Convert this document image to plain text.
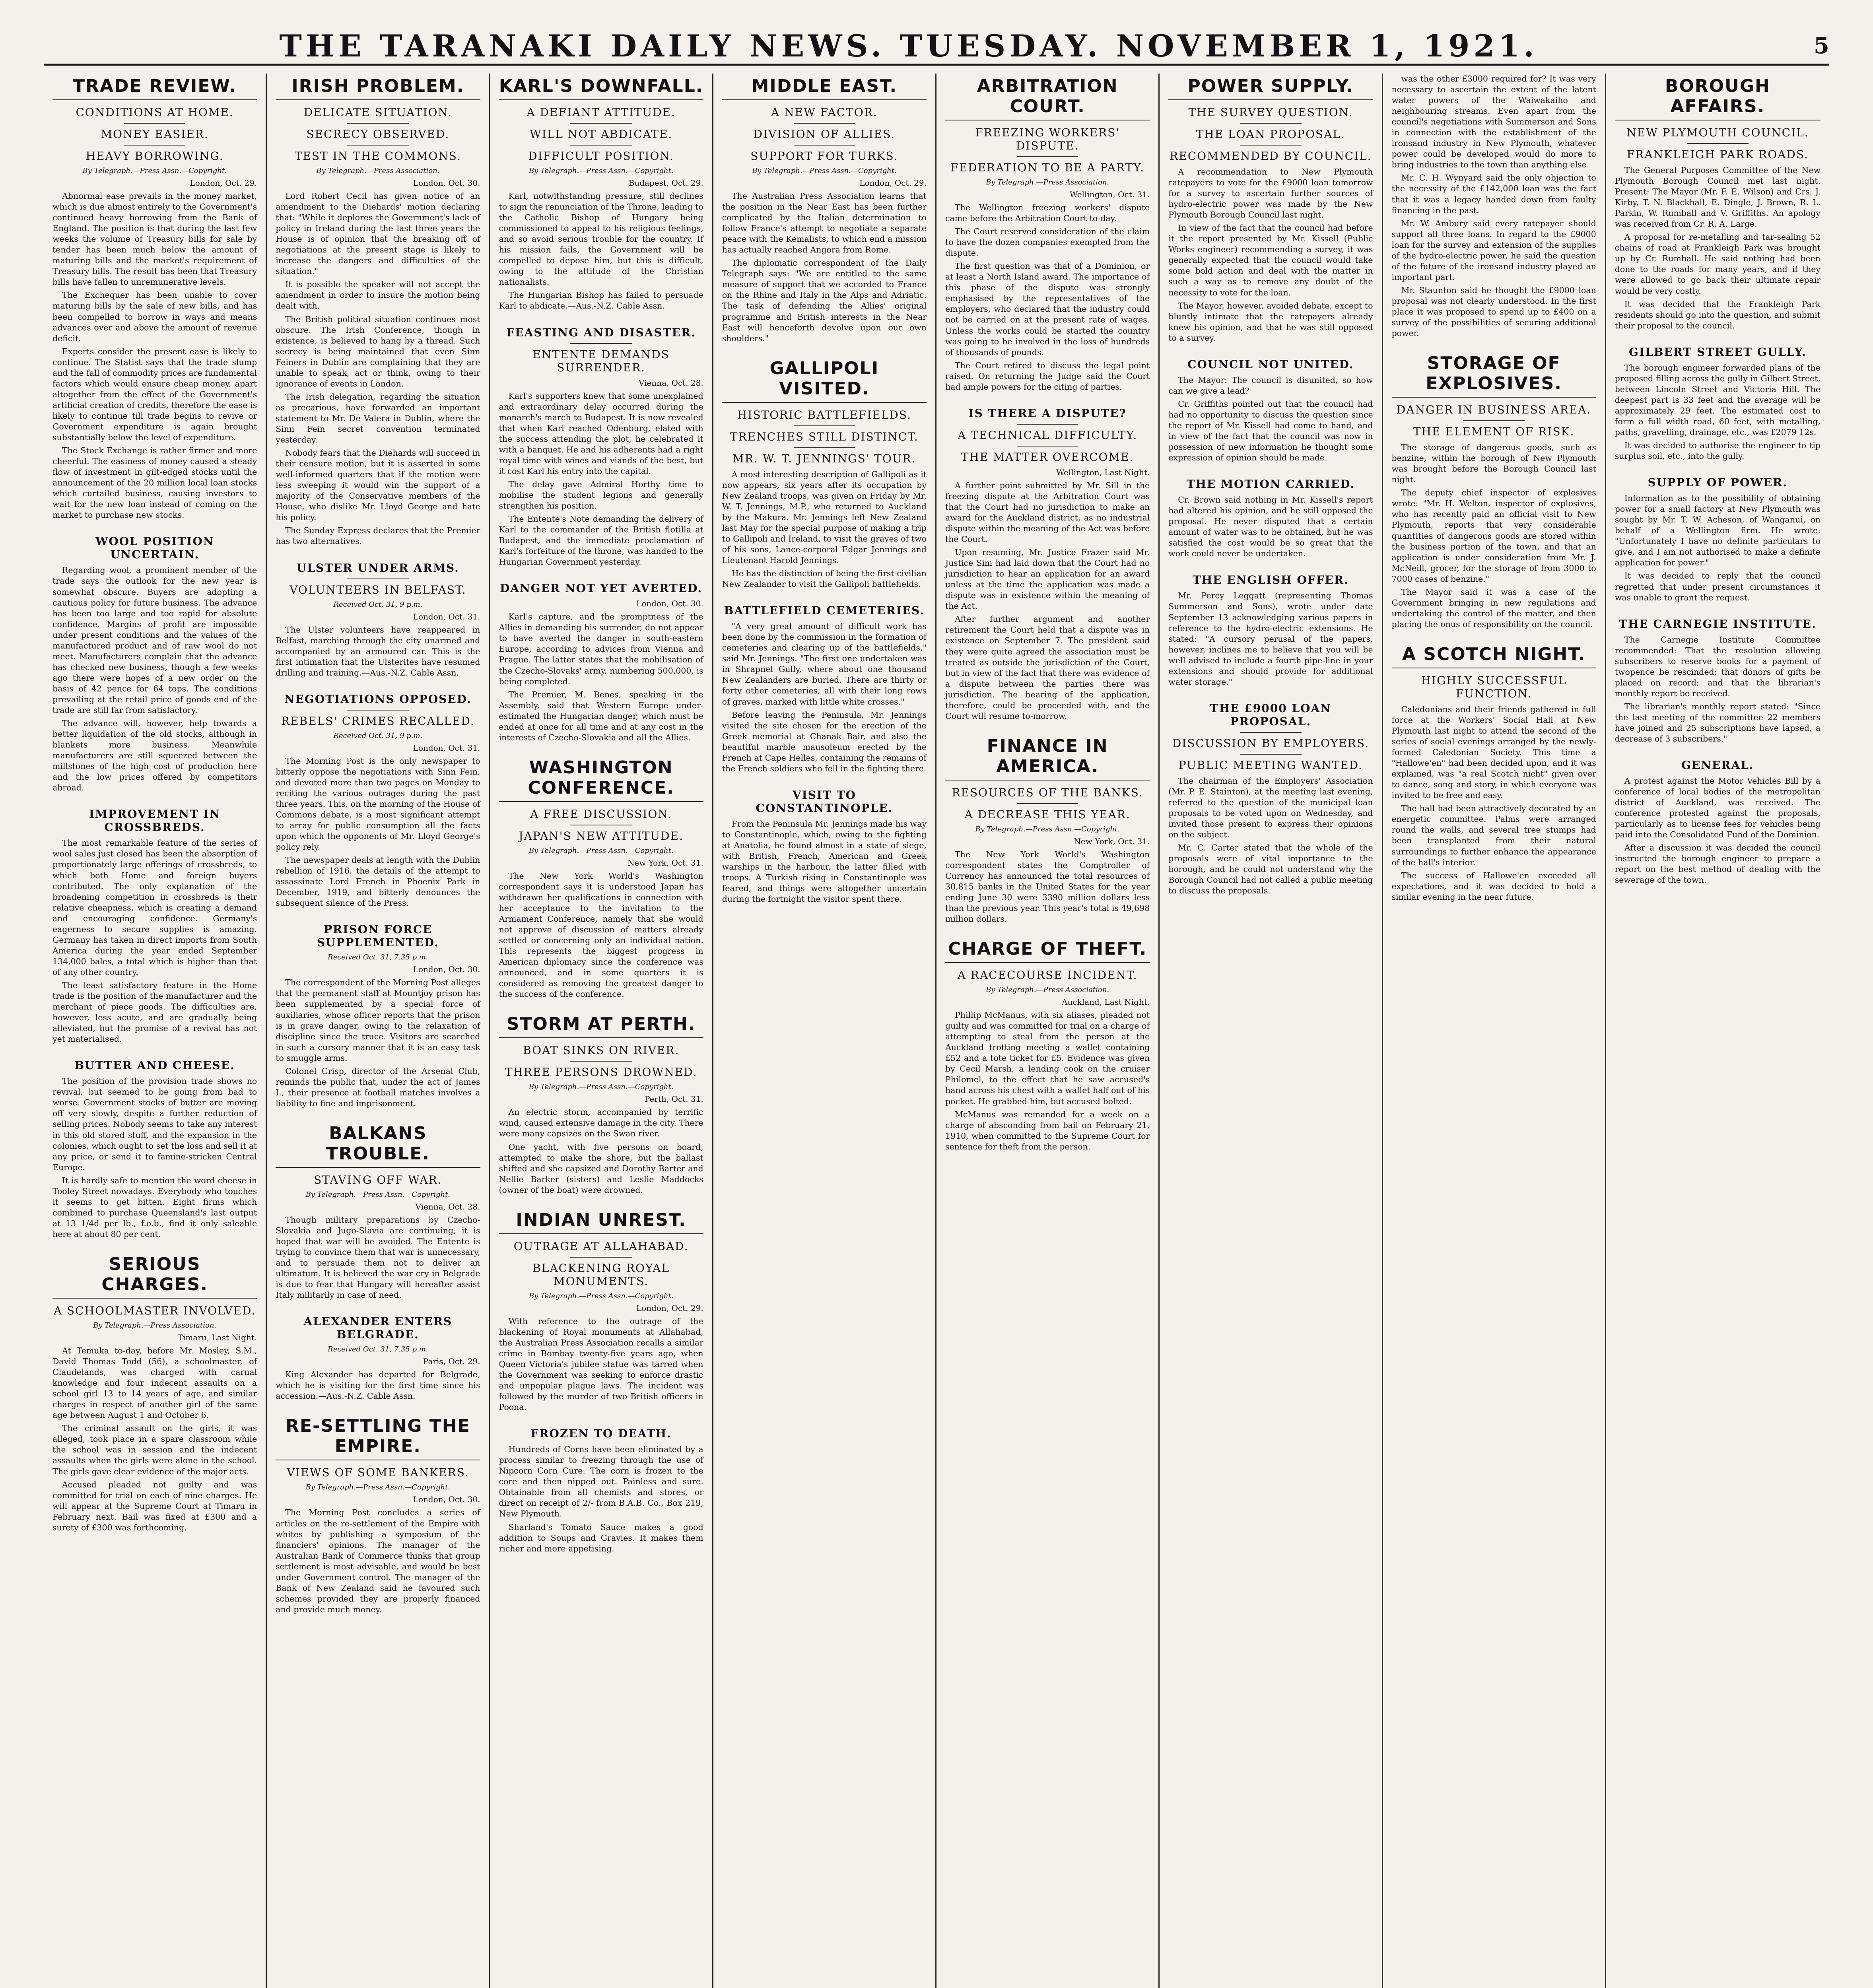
THE TARANAKI DAILY NEWS. TUESDAY. NOVEMBER 1, 1921.	5
TRADE REVIEW.
CONDITIONS AT HOME.
MONEY EASIER.
HEAVY BORROWING.
By Telegraph.—Press Assn.—Copyright.
London, Oct. 29.

Abnormal ease prevails in the money market, which is due almost entirely to the Government's continued heavy borrowing from the Bank of England. The position is that during the last few weeks the volume of Treasury bills for sale by tender has been much below the amount of maturing bills and the market's requirement of Treasury bills. The result has been that Treasury bills have fallen to unremunerative levels.

The Exchequer has been unable to cover maturing bills by the sale of new bills, and has been compelled to borrow in ways and means advances over and above the amount of revenue deficit.

Experts consider the present ease is likely to continue. The Statist says that the trade slump and the fall of commodity prices are fundamental factors which would ensure cheap money, apart altogether from the effect of the Government's artificial creation of credits, therefore the ease is likely to continue till trade begins to revive or Government expenditure is again brought substantially below the level of expenditure.

The Stock Exchange is rather firmer and more cheerful. The easiness of money caused a steady flow of investment in gilt-edged stocks until the announcement of the 20 million local loan stocks which curtailed business, causing investors to wait for the new loan instead of coming on the market to purchase new stocks.

WOOL POSITION UNCERTAIN.

Regarding wool, a prominent member of the trade says the outlook for the new year is somewhat obscure. Buyers are adopting a cautious policy for future business. The advance has been too large and too rapid for absolute confidence. Margins of profit are impossible under present conditions and the values of the manufactured product and of raw wool do not meet. Manufacturers complain that the advance has checked new business, though a few weeks ago there were hopes of a new order on the basis of 42 pence for 64 tops. The conditions prevailing at the retail price of goods end of the trade are still far from satisfactory.

The advance will, however, help towards a better liquidation of the old stocks, although in blankets more business. Meanwhile manufacturers are still squeezed between the millstones of the high cost of production here and the low prices offered by competitors abroad.

IMPROVEMENT IN CROSSBREDS.

The most remarkable feature of the series of wool sales just closed has been the absorption of proportionately large offerings of crossbreds, to which both Home and foreign buyers contributed. The only explanation of the broadening competition in crossbreds is their relative cheapness, which is creating a demand and encouraging confidence. Germany's eagerness to secure supplies is amazing. Germany has taken in direct imports from South America during the year ended September 134,000 bales, a total which is higher than that of any other country.

The least satisfactory feature in the Home trade is the position of the manufacturer and the merchant of piece goods. The difficulties are, however, less acute, and are gradually being alleviated, but the promise of a revival has not yet materialised.

BUTTER AND CHEESE.

The position of the provision trade shows no revival, but seemed to be going from bad to worse. Government stocks of butter are moving off very slowly, despite a further reduction of selling prices. Nobody seems to take any interest in this old stored stuff, and the expansion in the colonies, which ought to set the loss and sell it at any price, or send it to famine-stricken Central Europe.

It is hardly safe to mention the word cheese in Tooley Street nowadays. Everybody who touches it seems to get bitten. Eight firms which combined to purchase Queensland's last output at 13 1/4d per lb., f.o.b., find it only saleable here at about 80 per cent.

SERIOUS CHARGES.
A SCHOOLMASTER INVOLVED.
By Telegraph.—Press Association.
Timaru, Last Night.

At Temuka to-day, before Mr. Mosley, S.M., David Thomas Todd (56), a schoolmaster, of Claudelands, was charged with carnal knowledge and four indecent assaults on a school girl 13 to 14 years of age, and similar charges in respect of another girl of the same age between August 1 and October 6.

The criminal assault on the girls, it was alleged, took place in a spare classroom while the school was in session and the indecent assaults when the girls were alone in the school. The girls gave clear evidence of the major acts.

Accused pleaded not guilty and was committed for trial on each of nine charges. He will appear at the Supreme Court at Timaru in February next. Bail was fixed at £300 and a surety of £300 was forthcoming.

IRISH PROBLEM.
DELICATE SITUATION.
SECRECY OBSERVED.
TEST IN THE COMMONS.
By Telegraph.—Press Association.
London, Oct. 30.

Lord Robert Cecil has given notice of an amendment to the Diehards' motion declaring that: "While it deplores the Government's lack of policy in Ireland during the last three years the House is of opinion that the breaking off of negotiations at the present stage is likely to increase the dangers and difficulties of the situation."

It is possible the speaker will not accept the amendment in order to insure the motion being dealt with.

The British political situation continues most obscure. The Irish Conference, though in existence, is believed to hang by a thread. Such secrecy is being maintained that even Sinn Feiners in Dublin are complaining that they are unable to speak, act or think, owing to their ignorance of events in London.

The Irish delegation, regarding the situation as precarious, have forwarded an important statement to Mr. De Valera in Dublin, where the Sinn Fein secret convention terminated yesterday.

Nobody fears that the Diehards will succeed in their censure motion, but it is asserted in some well-informed quarters that if the motion were less sweeping it would win the support of a majority of the Conservative members of the House, who dislike Mr. Lloyd George and hate his policy.

The Sunday Express declares that the Premier has two alternatives.

ULSTER UNDER ARMS.
VOLUNTEERS IN BELFAST.
Received Oct. 31, 9 p.m.
London, Oct. 31.

The Ulster volunteers have reappeared in Belfast, marching through the city unarmed and accompanied by an armoured car. This is the first intimation that the Ulsterites have resumed drilling and training.—Aus.-N.Z. Cable Assn.

NEGOTIATIONS OPPOSED.
REBELS' CRIMES RECALLED.
Received Oct. 31, 9 p.m.
London, Oct. 31.

The Morning Post is the only newspaper to bitterly oppose the negotiations with Sinn Fein, and devoted more than two pages on Monday to reciting the various outrages during the past three years. This, on the morning of the House of Commons debate, is a most significant attempt to array for public consumption all the facts upon which the opponents of Mr. Lloyd George's policy rely.

The newspaper deals at length with the Dublin rebellion of 1916, the details of the attempt to assassinate Lord French in Phoenix Park in December, 1919, and bitterly denounces the subsequent silence of the Press.

PRISON FORCE SUPPLEMENTED.
Received Oct. 31, 7.35 p.m.
London, Oct. 30.

The correspondent of the Morning Post alleges that the permanent staff at Mountjoy prison has been supplemented by a special force of auxiliaries, whose officer reports that the prison is in grave danger, owing to the relaxation of discipline since the truce. Visitors are searched in such a cursory manner that it is an easy task to smuggle arms.

Colonel Crisp, director of the Arsenal Club, reminds the public that, under the act of James I., their presence at football matches involves a liability to fine and imprisonment.

BALKANS TROUBLE.
STAVING OFF WAR.
By Telegraph.—Press Assn.—Copyright.
Vienna, Oct. 28.

Though military preparations by Czecho-Slovakia and Jugo-Slavia are continuing, it is hoped that war will be avoided. The Entente is trying to convince them that war is unnecessary, and to persuade them not to deliver an ultimatum. It is believed the war cry in Belgrade is due to fear that Hungary will hereafter assist Italy militarily in case of need.

ALEXANDER ENTERS BELGRADE.
Received Oct. 31, 7.35 p.m.
Paris, Oct. 29.

King Alexander has departed for Belgrade, which he is visiting for the first time since his accession.—Aus.-N.Z. Cable Assn.

RE-SETTLING THE EMPIRE.
VIEWS OF SOME BANKERS.
By Telegraph.—Press Assn.—Copyright.
London, Oct. 30.

The Morning Post concludes a series of articles on the re-settlement of the Empire with whites by publishing a symposium of the financiers' opinions. The manager of the Australian Bank of Commerce thinks that group settlement is most advisable, and would be best under Government control. The manager of the Bank of New Zealand said he favoured such schemes provided they are properly financed and provide much money.

KARL'S DOWNFALL.
A DEFIANT ATTITUDE.
WILL NOT ABDICATE.
DIFFICULT POSITION.
By Telegraph.—Press Assn.—Copyright.
Budapest, Oct. 29.

Karl, notwithstanding pressure, still declines to sign the renunciation of the Throne, leading to the Catholic Bishop of Hungary being commissioned to appeal to his religious feelings, and so avoid serious trouble for the country. If his mission fails, the Government will be compelled to depose him, but this is difficult, owing to the attitude of the Christian nationalists.

The Hungarian Bishop has failed to persuade Karl to abdicate.—Aus.-N.Z. Cable Assn.

FEASTING AND DISASTER.
ENTENTE DEMANDS SURRENDER.
Vienna, Oct. 28.

Karl's supporters knew that some unexplained and extraordinary delay occurred during the monarch's march to Budapest. It is now revealed that when Karl reached Odenburg, elated with the success attending the plot, he celebrated it with a banquet. He and his adherents had a right royal time with wines and viands of the best, but it cost Karl his entry into the capital.

The delay gave Admiral Horthy time to mobilise the student legions and generally strengthen his position.

The Entente's Note demanding the delivery of Karl to the commander of the British flotilla at Budapest, and the immediate proclamation of Karl's forfeiture of the throne, was handed to the Hungarian Government yesterday.

DANGER NOT YET AVERTED.
London, Oct. 30.

Karl's capture, and the promptness of the Allies in demanding his surrender, do not appear to have averted the danger in south-eastern Europe, according to advices from Vienna and Prague. The latter states that the mobilisation of the Czecho-Slovaks' army, numbering 500,000, is being completed.

The Premier, M. Benes, speaking in the Assembly, said that Western Europe under-estimated the Hungarian danger, which must be ended at once for all time and at any cost in the interests of Czecho-Slovakia and all the Allies.

WASHINGTON CONFERENCE.
A FREE DISCUSSION.
JAPAN'S NEW ATTITUDE.
By Telegraph.—Press Assn.—Copyright.
New York, Oct. 31.

The New York World's Washington correspondent says it is understood Japan has withdrawn her qualifications in connection with her acceptance to the invitation to the Armament Conference, namely that she would not approve of discussion of matters already settled or concerning only an individual nation. This represents the biggest progress in American diplomacy since the conference was announced, and in some quarters it is considered as removing the greatest danger to the success of the conference.

STORM AT PERTH.
BOAT SINKS ON RIVER.
THREE PERSONS DROWNED.
By Telegraph.—Press Assn.—Copyright.
Perth, Oct. 31.

An electric storm, accompanied by terrific wind, caused extensive damage in the city. There were many capsizes on the Swan river.

One yacht, with five persons on board, attempted to make the shore, but the ballast shifted and she capsized and Dorothy Barter and Nellie Barker (sisters) and Leslie Maddocks (owner of the boat) were drowned.

INDIAN UNREST.
OUTRAGE AT ALLAHABAD.
BLACKENING ROYAL MONUMENTS.
By Telegraph.—Press Assn.—Copyright.
London, Oct. 29.

With reference to the outrage of the blackening of Royal monuments at Allahabad, the Australian Press Association recalls a similar crime in Bombay twenty-five years ago, when Queen Victoria's jubilee statue was tarred when the Government was seeking to enforce drastic and unpopular plague laws. The incident was followed by the murder of two British officers in Poona.

FROZEN TO DEATH.

Hundreds of Corns have been eliminated by a process similar to freezing through the use of Nipcorn Corn Cure. The corn is frozen to the core and then nipped out. Painless and sure. Obtainable from all chemists and stores, or direct on receipt of 2/- from B.A.B. Co., Box 219, New Plymouth.

Sharland's Tomato Sauce makes a good addition to Soups and Gravies. It makes them richer and more appetising.

MIDDLE EAST.
A NEW FACTOR.
DIVISION OF ALLIES.
SUPPORT FOR TURKS.
By Telegraph.—Press Assn.—Copyright.
London, Oct. 29.

The Australian Press Association learns that the position in the Near East has been further complicated by the Italian determination to follow France's attempt to negotiate a separate peace with the Kemalists, to which end a mission has actually reached Angora from Rome.

The diplomatic correspondent of the Daily Telegraph says: "We are entitled to the same measure of support that we accorded to France on the Rhine and Italy in the Alps and Adriatic. The task of defending the Allies' original programme and British interests in the Near East will henceforth devolve upon our own shoulders."

GALLIPOLI VISITED.
HISTORIC BATTLEFIELDS.
TRENCHES STILL DISTINCT.
MR. W. T. JENNINGS' TOUR.

A most interesting description of Gallipoli as it now appears, six years after its occupation by New Zealand troops, was given on Friday by Mr. W. T. Jennings, M.P., who returned to Auckland by the Makura. Mr. Jennings left New Zealand last May for the special purpose of making a trip to Gallipoli and Ireland, to visit the graves of two of his sons, Lance-corporal Edgar Jennings and Lieutenant Harold Jennings.

He has the distinction of being the first civilian New Zealander to visit the Gallipoli battlefields.

BATTLEFIELD CEMETERIES.

"A very great amount of difficult work has been done by the commission in the formation of cemeteries and clearing up of the battlefields," said Mr. Jennings. "The first one undertaken was in Shrapnel Gully, where about one thousand New Zealanders are buried. There are thirty or forty other cemeteries, all with their long rows of graves, marked with little white crosses."

Before leaving the Peninsula, Mr. Jennings visited the site chosen for the erection of the Greek memorial at Chanak Bair, and also the beautiful marble mausoleum erected by the French at Cape Helles, containing the remains of the French soldiers who fell in the fighting there.

VISIT TO CONSTANTINOPLE.

From the Peninsula Mr. Jennings made his way to Constantinople, which, owing to the fighting at Anatolia, he found almost in a state of siege, with British, French, American and Greek warships in the harbour, the latter filled with troops. A Turkish rising in Constantinople was feared, and things were altogether uncertain during the fortnight the visitor spent there.

ARBITRATION COURT.
FREEZING WORKERS' DISPUTE.
FEDERATION TO BE A PARTY.
By Telegraph.—Press Association.
Wellington, Oct. 31.

The Wellington freezing workers' dispute came before the Arbitration Court to-day.

The Court reserved consideration of the claim to have the dozen companies exempted from the dispute.

The first question was that of a Dominion, or at least a North Island award. The importance of this phase of the dispute was strongly emphasised by the representatives of the employers, who declared that the industry could not be carried on at the present rate of wages. Unless the works could be started the country was going to be involved in the loss of hundreds of thousands of pounds.

The Court retired to discuss the legal point raised. On returning the Judge said the Court had ample powers for the citing of parties.

IS THERE A DISPUTE?
A TECHNICAL DIFFICULTY.
THE MATTER OVERCOME.
Wellington, Last Night.

A further point submitted by Mr. Sill in the freezing dispute at the Arbitration Court was that the Court had no jurisdiction to make an award for the Auckland district, as no industrial dispute within the meaning of the Act was before the Court.

Upon resuming, Mr. Justice Frazer said Mr. Justice Sim had laid down that the Court had no jurisdiction to hear an application for an award unless at the time the application was made a dispute was in existence within the meaning of the Act.

After further argument and another retirement the Court held that a dispute was in existence on September 7. The president said they were quite agreed the association must be treated as outside the jurisdiction of the Court, but in view of the fact that there was evidence of a dispute between the parties there was jurisdiction. The hearing of the application, therefore, could be proceeded with, and the Court will resume to-morrow.

FINANCE IN AMERICA.
RESOURCES OF THE BANKS.
A DECREASE THIS YEAR.
By Telegraph.—Press Assn.—Copyright.
New York, Oct. 31.

The New York World's Washington correspondent states the Comptroller of Currency has announced the total resources of 30,815 banks in the United States for the year ending June 30 were 3390 million dollars less than the previous year. This year's total is 49,698 million dollars.

CHARGE OF THEFT.
A RACECOURSE INCIDENT.
By Telegraph.—Press Association.
Auckland, Last Night.

Phillip McManus, with six aliases, pleaded not guilty and was committed for trial on a charge of attempting to steal from the person at the Auckland trotting meeting a wallet containing £52 and a tote ticket for £5. Evidence was given by Cecil Marsh, a lending cook on the cruiser Philomel, to the effect that he saw accused's hand across his chest with a wallet half out of his pocket. He grabbed him, but accused bolted.

McManus was remanded for a week on a charge of absconding from bail on February 21, 1910, when committed to the Supreme Court for sentence for theft from the person.

POWER SUPPLY.
THE SURVEY QUESTION.
THE LOAN PROPOSAL.
RECOMMENDED BY COUNCIL.

A recommendation to New Plymouth ratepayers to vote for the £9000 loan tomorrow for a survey to ascertain further sources of hydro-electric power was made by the New Plymouth Borough Council last night.

In view of the fact that the council had before it the report presented by Mr. Kissell (Public Works engineer) recommending a survey, it was generally expected that the council would take some bold action and deal with the matter in such a way as to remove any doubt of the necessity to vote for the loan.

The Mayor, however, avoided debate, except to bluntly intimate that the ratepayers already knew his opinion, and that he was still opposed to a survey.

COUNCIL NOT UNITED.

The Mayor: The council is disunited, so how can we give a lead?

Cr. Griffiths pointed out that the council had had no opportunity to discuss the question since the report of Mr. Kissell had come to hand, and in view of the fact that the council was now in possession of new information he thought some expression of opinion should be made.

THE MOTION CARRIED.

Cr. Brown said nothing in Mr. Kissell's report had altered his opinion, and he still opposed the proposal. He never disputed that a certain amount of water was to be obtained, but he was satisfied the cost would be so great that the work could never be undertaken.

THE ENGLISH OFFER.

Mr. Percy Leggatt (representing Thomas Summerson and Sons), wrote under date September 13 acknowledging various papers in reference to the hydro-electric extensions. He stated: "A cursory perusal of the papers, however, inclines me to believe that you will be well advised to include a fourth pipe-line in your extensions and should provide for additional water storage."

THE £9000 LOAN PROPOSAL.
DISCUSSION BY EMPLOYERS.
PUBLIC MEETING WANTED.

The chairman of the Employers' Association (Mr. P. E. Stainton), at the meeting last evening, referred to the question of the municipal loan proposals to be voted upon on Wednesday, and invited those present to express their opinions on the subject.

Mr. C. Carter stated that the whole of the proposals were of vital importance to the borough, and he could not understand why the Borough Council had not called a public meeting to discuss the proposals.

was the other £3000 required for? It was very necessary to ascertain the extent of the latent water powers of the Waiwakaiho and neighbouring streams. Even apart from the council's negotiations with Summerson and Sons in connection with the establishment of the ironsand industry in New Plymouth, whatever power could be developed would do more to bring industries to the town than anything else.

Mr. C. H. Wynyard said the only objection to the necessity of the £142,000 loan was the fact that it was a legacy handed down from faulty financing in the past.

Mr. W. Ambury said every ratepayer should support all three loans. In regard to the £9000 loan for the survey and extension of the supplies of the hydro-electric power, he said the question of the future of the ironsand industry played an important part.

Mr. Staunton said he thought the £9000 loan proposal was not clearly understood. In the first place it was proposed to spend up to £400 on a survey of the possibilities of securing additional power.

STORAGE OF EXPLOSIVES.
DANGER IN BUSINESS AREA.
THE ELEMENT OF RISK.

The storage of dangerous goods, such as benzine, within the borough of New Plymouth was brought before the Borough Council last night.

The deputy chief inspector of explosives wrote: "Mr. H. Welton, inspector of explosives, who has recently paid an official visit to New Plymouth, reports that very considerable quantities of dangerous goods are stored within the business portion of the town, and that an application is under consideration from Mr. J. McNeill, grocer, for the storage of from 3000 to 7000 cases of benzine."

The Mayor said it was a case of the Government bringing in new regulations and undertaking the control of the matter, and then placing the onus of responsibility on the council.

A SCOTCH NIGHT.
HIGHLY SUCCESSFUL FUNCTION.

Caledonians and their friends gathered in full force at the Workers' Social Hall at New Plymouth last night to attend the second of the series of social evenings arranged by the newly-formed Caledonian Society. This time a "Hallowe'en" had been decided upon, and it was explained, was "a real Scotch nicht" given over to dance, song and story, in which everyone was invited to be free and easy.

The hall had been attractively decorated by an energetic committee. Palms were arranged round the walls, and several tree stumps had been transplanted from their natural surroundings to further enhance the appearance of the hall's interior.

The success of Hallowe'en exceeded all expectations, and it was decided to hold a similar evening in the near future.

BOROUGH AFFAIRS.
NEW PLYMOUTH COUNCIL.
FRANKLEIGH PARK ROADS.

The General Purposes Committee of the New Plymouth Borough Council met last night. Present: The Mayor (Mr. F. E. Wilson) and Crs. J. Kirby, T. N. Blackhall, E. Dingle, J. Brown, R. L. Parkin, W. Rumball and V. Griffiths. An apology was received from Cr. R. A. Large.

A proposal for re-metalling and tar-sealing 52 chains of road at Frankleigh Park was brought up by Cr. Rumball. He said nothing had been done to the roads for many years, and if they were allowed to go back their ultimate repair would be very costly.

It was decided that the Frankleigh Park residents should go into the question, and submit their proposal to the council.

GILBERT STREET GULLY.

The borough engineer forwarded plans of the proposed filling across the gully in Gilbert Street, between Lincoln Street and Victoria Hill. The deepest part is 33 feet and the average will be approximately 29 feet. The estimated cost to form a full width road, 60 feet, with metalling, paths, gravelling, drainage, etc., was £2079 12s.

It was decided to authorise the engineer to tip surplus soil, etc., into the gully.

SUPPLY OF POWER.

Information as to the possibility of obtaining power for a small factory at New Plymouth was sought by Mr. T. W. Acheson, of Wanganui, on behalf of a Wellington firm. He wrote: "Unfortunately I have no definite particulars to give, and I am not authorised to make a definite application for power."

It was decided to reply that the council regretted that under present circumstances it was unable to grant the request.

THE CARNEGIE INSTITUTE.

The Carnegie Institute Committee recommended: That the resolution allowing subscribers to reserve books for a payment of twopence be rescinded; that donors of gifts be placed on record; and that the librarian's monthly report be received.

The librarian's monthly report stated: "Since the last meeting of the committee 22 members have joined and 25 subscriptions have lapsed, a decrease of 3 subscribers."

GENERAL.

A protest against the Motor Vehicles Bill by a conference of local bodies of the metropolitan district of Auckland, was received. The conference protested against the proposals, particularly as to license fees for vehicles being paid into the Consolidated Fund of the Dominion.

After a discussion it was decided the council instructed the borough engineer to prepare a report on the best method of dealing with the sewerage of the town.
